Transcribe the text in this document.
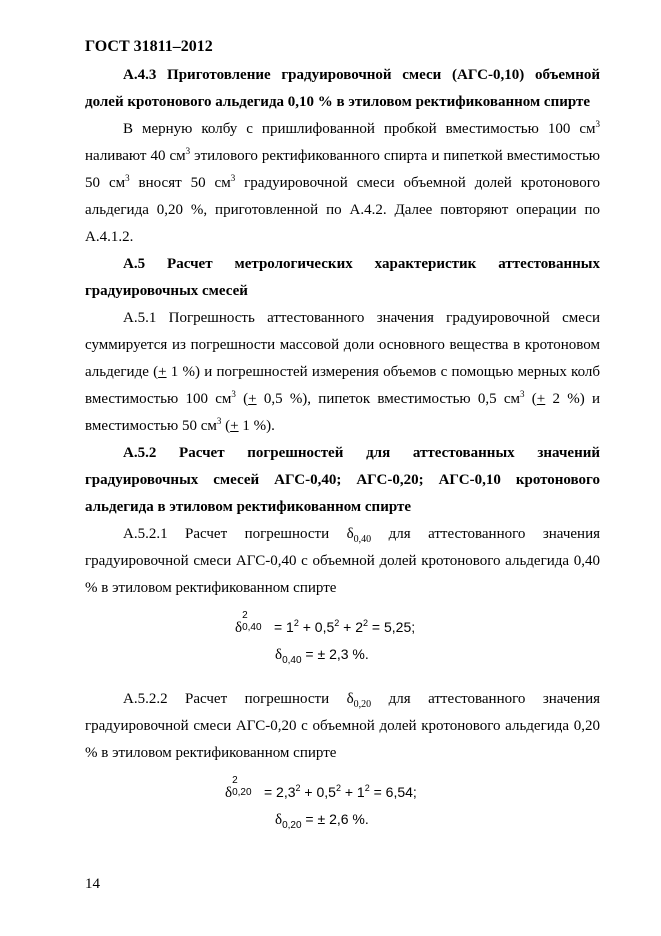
ГОСТ 31811–2012

А.4.3 Приготовление градуировочной смеси (АГС-0,10) объемной долей кротонового альдегида 0,10 % в этиловом ректификованном спирте

В мерную колбу с пришлифованной пробкой вместимостью 100 $см^3$ наливают 40 $см^3$ этилового ректификованного спирта и пипеткой вместимостью 50 $см^3$ вносят 50 $см^3$ градуировочной смеси объемной долей кротонового альдегида 0,20 %, приготовленной по А.4.2. Далее повторяют операции по А.4.1.2.

А.5 Расчет метрологических характеристик аттестованных градуировочных смесей

А.5.1 Погрешность аттестованного значения градуировочной смеси суммируется из погрешности массовой доли основного вещества в кротоновом альдегиде (+ 1 %) и погрешностей измерения объемов с помощью мерных колб вместимостью 100 $см^3$ (+ 0,5 %), пипеток вместимостью 0,5 $см^3$ (+ 2 %) и вместимостью 50 $см^3$ (+ 1 %).

А.5.2 Расчет погрешностей для аттестованных значений градуировочных смесей АГС-0,40; АГС-0,20; АГС-0,10 кротонового альдегида в этиловом ректификованном спирте

А.5.2.1 Расчет погрешности $\delta_{0,40}$ для аттестованного значения градуировочной смеси АГС-0,40 с объемной долей кротонового альдегида 0,40 % в этиловом ректификованном спирте

δ
2
$0,40 = 1^2 + 0,5^2 + 2^2 = 5,25$;
$\delta_{0,40}$ = ± 2,3 %.

А.5.2.2 Расчет погрешности $\delta_{0,20}$ для аттестованного значения градуировочной смеси АГС-0,20 с объемной долей кротонового альдегида 0,20 % в этиловом ректификованном спирте

δ
2
$0,20 = 2,3^2 + 0,5^2 + 1^2 = 6,54$;
$\delta_{0,20}$ = ± 2,6 %.
14
